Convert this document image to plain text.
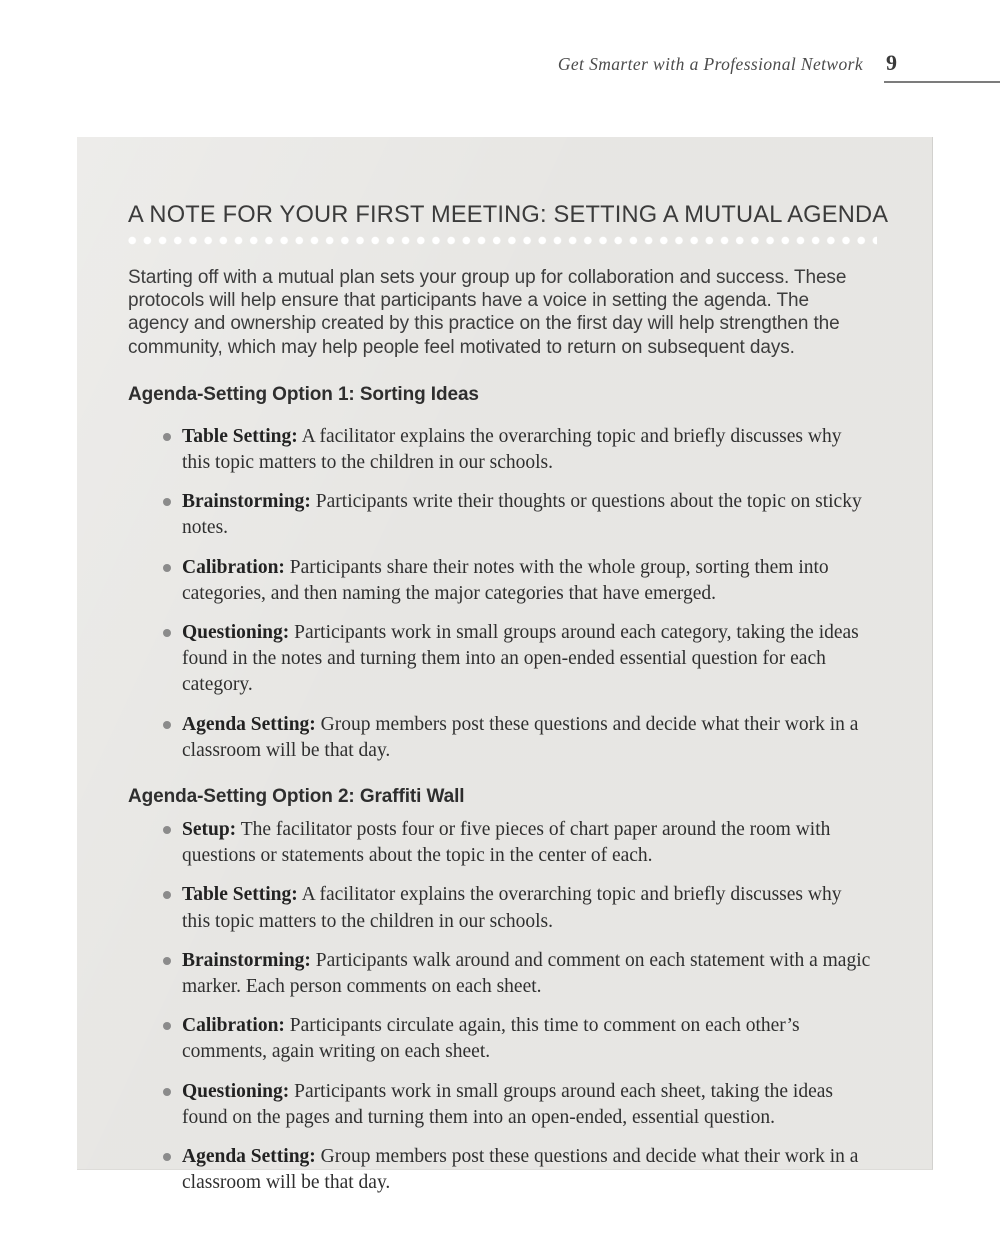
Get Smarter with a Professional Network 9
A NOTE FOR YOUR FIRST MEETING: SETTING A MUTUAL AGENDA

Starting off with a mutual plan sets your group up for collaboration and success. These protocols will help ensure that participants have a voice in setting the agenda. The agency and ownership created by this practice on the first day will help strengthen the community, which may help people feel motivated to return on subsequent days.

Agenda-Setting Option 1: Sorting Ideas
Table Setting: A facilitator explains the overarching topic and briefly discusses why this topic matters to the children in our schools.
Brainstorming: Participants write their thoughts or questions about the topic on sticky notes.
Calibration: Participants share their notes with the whole group, sorting them into categories, and then naming the major categories that have emerged.
Questioning: Participants work in small groups around each category, taking the ideas found in the notes and turning them into an open-ended essential question for each category.
Agenda Setting: Group members post these questions and decide what their work in a classroom will be that day.
Agenda-Setting Option 2: Graffiti Wall
Setup: The facilitator posts four or five pieces of chart paper around the room with questions or statements about the topic in the center of each.
Table Setting: A facilitator explains the overarching topic and briefly discusses why this topic matters to the children in our schools.
Brainstorming: Participants walk around and comment on each statement with a magic marker. Each person comments on each sheet.
Calibration: Participants circulate again, this time to comment on each other’s comments, again writing on each sheet.
Questioning: Participants work in small groups around each sheet, taking the ideas found on the pages and turning them into an open-ended, essential question.
Agenda Setting: Group members post these questions and decide what their work in a classroom will be that day.
